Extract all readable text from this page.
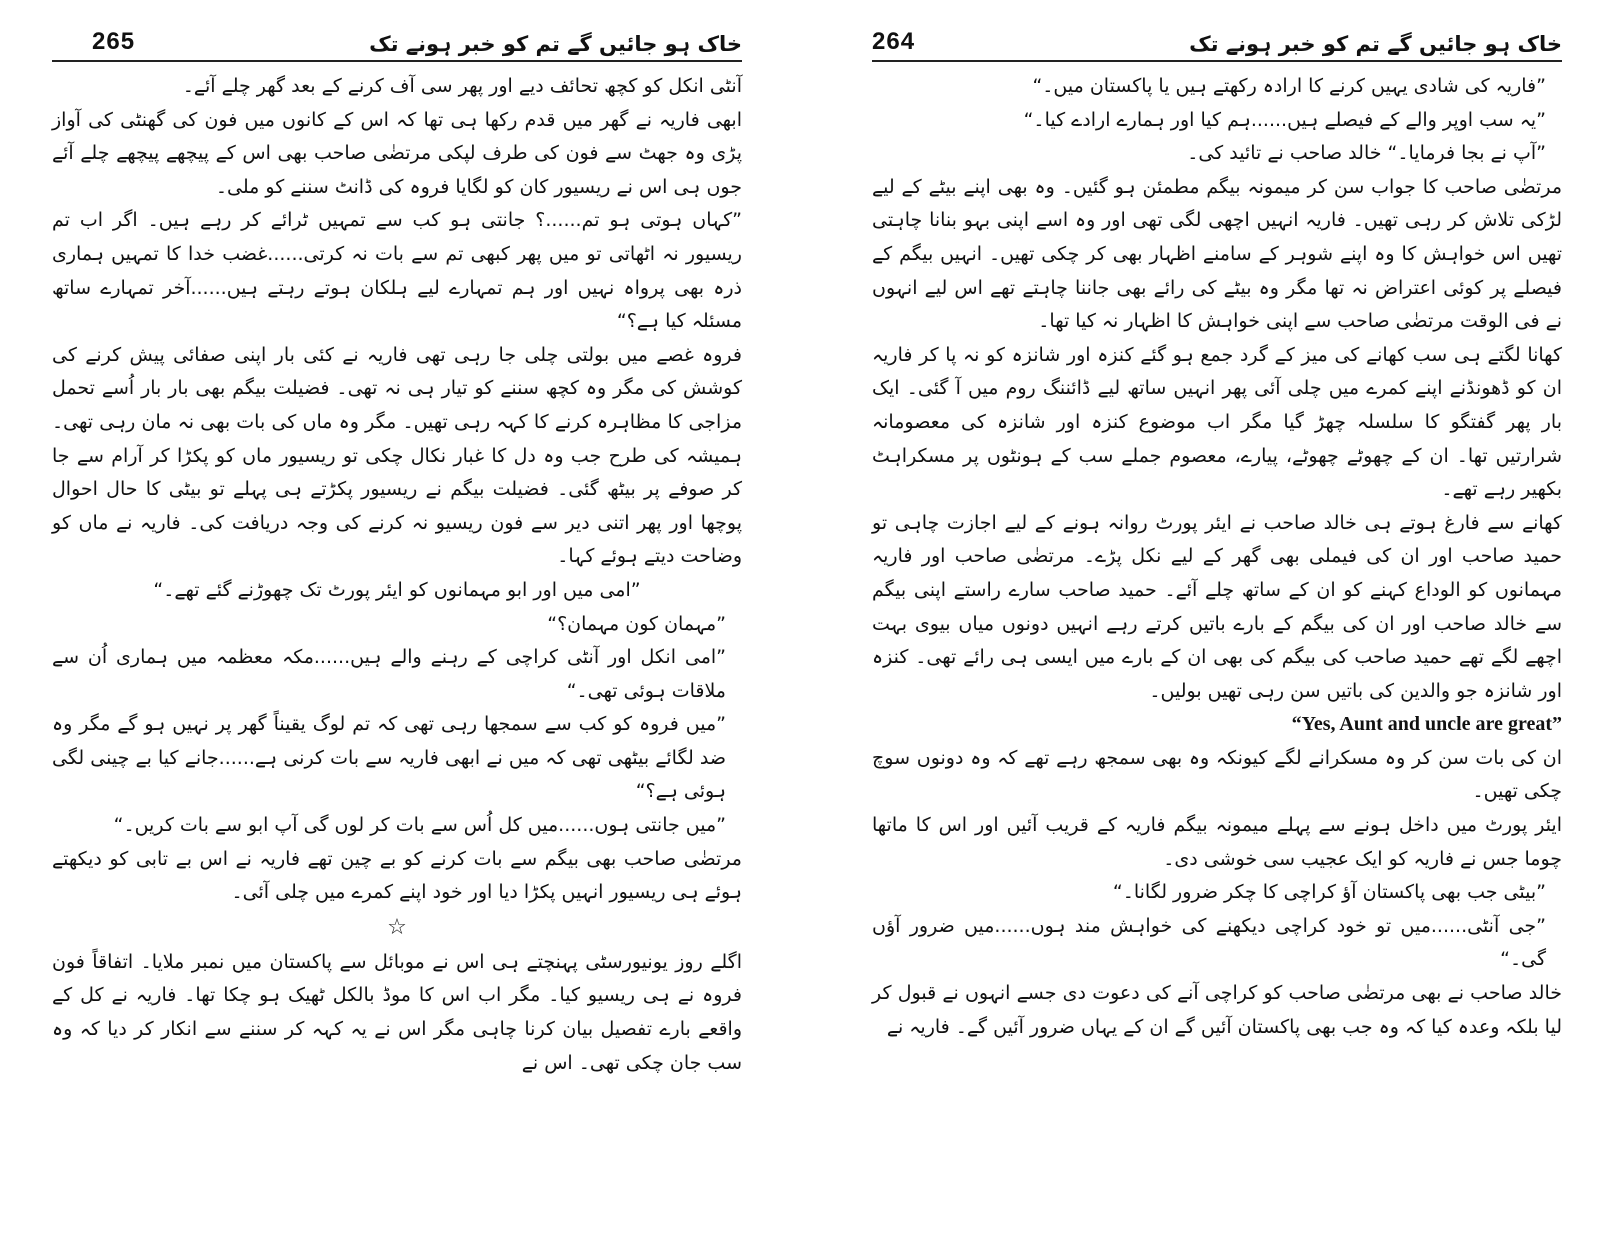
265	خاک ہو جائیں گے تم کو خبر ہونے تک

آنٹی انکل کو کچھ تحائف دیے اور پھر سی آف کرنے کے بعد گھر چلے آئے۔

ابھی فاریہ نے گھر میں قدم رکھا ہی تھا کہ اس کے کانوں میں فون کی گھنٹی کی آواز پڑی وہ جھٹ سے فون کی طرف لپکی مرتضٰی صاحب بھی اس کے پیچھے پیچھے چلے آئے جوں ہی اس نے ریسیور کان کو لگایا فروہ کی ڈانٹ سننے کو ملی۔

”کہاں ہوتی ہو تم......؟ جانتی ہو کب سے تمہیں ٹرائے کر رہے ہیں۔ اگر اب تم ریسیور نہ اٹھاتی تو میں پھر کبھی تم سے بات نہ کرتی......غضب خدا کا تمہیں ہماری ذرہ بھی پرواہ نہیں اور ہم تمہارے لیے ہلکان ہوتے رہتے ہیں......آخر تمہارے ساتھ مسئلہ کیا ہے؟“

فروہ غصے میں بولتی چلی جا رہی تھی فاریہ نے کئی بار اپنی صفائی پیش کرنے کی کوشش کی مگر وہ کچھ سننے کو تیار ہی نہ تھی۔ فضیلت بیگم بھی بار بار اُسے تحمل مزاجی کا مظاہرہ کرنے کا کہہ رہی تھیں۔ مگر وہ ماں کی بات بھی نہ مان رہی تھی۔ ہمیشہ کی طرح جب وہ دل کا غبار نکال چکی تو ریسیور ماں کو پکڑا کر آرام سے جا کر صوفے پر بیٹھ گئی۔ فضیلت بیگم نے ریسیور پکڑتے ہی پہلے تو بیٹی کا حال احوال پوچھا اور پھر اتنی دیر سے فون ریسیو نہ کرنے کی وجہ دریافت کی۔ فاریہ نے ماں کو وضاحت دیتے ہوئے کہا۔

”امی میں اور ابو مہمانوں کو ایئر پورٹ تک چھوڑنے گئے تھے۔“

”مہمان کون مہمان؟“

”امی انکل اور آنٹی کراچی کے رہنے والے ہیں......مکہ معظمہ میں ہماری اُن سے ملاقات ہوئی تھی۔“

”میں فروہ کو کب سے سمجھا رہی تھی کہ تم لوگ یقیناً گھر پر نہیں ہو گے مگر وہ ضد لگائے بیٹھی تھی کہ میں نے ابھی فاریہ سے بات کرنی ہے......جانے کیا بے چینی لگی ہوئی ہے؟“

”میں جانتی ہوں......میں کل اُس سے بات کر لوں گی آپ ابو سے بات کریں۔“

مرتضٰی صاحب بھی بیگم سے بات کرنے کو بے چین تھے فاریہ نے اس بے تابی کو دیکھتے ہوئے ہی ریسیور انہیں پکڑا دیا اور خود اپنے کمرے میں چلی آئی۔

☆

اگلے روز یونیورسٹی پہنچتے ہی اس نے موبائل سے پاکستان میں نمبر ملایا۔ اتفاقاً فون فروہ نے ہی ریسیو کیا۔ مگر اب اس کا موڈ بالکل ٹھیک ہو چکا تھا۔ فاریہ نے کل کے واقعے بارے تفصیل بیان کرنا چاہی مگر اس نے یہ کہہ کر سننے سے انکار کر دیا کہ وہ سب جان چکی تھی۔ اس نے

264	خاک ہو جائیں گے تم کو خبر ہونے تک

”فاریہ کی شادی یہیں کرنے کا ارادہ رکھتے ہیں یا پاکستان میں۔“

”یہ سب اوپر والے کے فیصلے ہیں......ہم کیا اور ہمارے ارادے کیا۔“

”آپ نے بجا فرمایا۔“ خالد صاحب نے تائید کی۔

مرتضٰی صاحب کا جواب سن کر میمونہ بیگم مطمئن ہو گئیں۔ وہ بھی اپنے بیٹے کے لیے لڑکی تلاش کر رہی تھیں۔ فاریہ انہیں اچھی لگی تھی اور وہ اسے اپنی بہو بنانا چاہتی تھیں اس خواہش کا وہ اپنے شوہر کے سامنے اظہار بھی کر چکی تھیں۔ انہیں بیگم کے فیصلے پر کوئی اعتراض نہ تھا مگر وہ بیٹے کی رائے بھی جاننا چاہتے تھے اس لیے انہوں نے فی الوقت مرتضٰی صاحب سے اپنی خواہش کا اظہار نہ کیا تھا۔

کھانا لگتے ہی سب کھانے کی میز کے گرد جمع ہو گئے کنزہ اور شانزہ کو نہ پا کر فاریہ ان کو ڈھونڈنے اپنے کمرے میں چلی آئی پھر انہیں ساتھ لیے ڈائننگ روم میں آ گئی۔ ایک بار پھر گفتگو کا سلسلہ چھڑ گیا مگر اب موضوع کنزہ اور شانزہ کی معصومانہ شرارتیں تھا۔ ان کے چھوٹے چھوٹے، پیارے، معصوم جملے سب کے ہونٹوں پر مسکراہٹ بکھیر رہے تھے۔

کھانے سے فارغ ہوتے ہی خالد صاحب نے ایئر پورٹ روانہ ہونے کے لیے اجازت چاہی تو حمید صاحب اور ان کی فیملی بھی گھر کے لیے نکل پڑے۔ مرتضٰی صاحب اور فاریہ مہمانوں کو الوداع کہنے کو ان کے ساتھ چلے آئے۔ حمید صاحب سارے راستے اپنی بیگم سے خالد صاحب اور ان کی بیگم کے بارے باتیں کرتے رہے انہیں دونوں میاں بیوی بہت اچھے لگے تھے حمید صاحب کی بیگم کی بھی ان کے بارے میں ایسی ہی رائے تھی۔ کنزہ اور شانزہ جو والدین کی باتیں سن رہی تھیں بولیں۔

“Yes, Aunt and uncle are great”

ان کی بات سن کر وہ مسکرانے لگے کیونکہ وہ بھی سمجھ رہے تھے کہ وہ دونوں سوچ چکی تھیں۔

ایئر پورٹ میں داخل ہونے سے پہلے میمونہ بیگم فاریہ کے قریب آئیں اور اس کا ماتھا چوما جس نے فاریہ کو ایک عجیب سی خوشی دی۔

”بیٹی جب بھی پاکستان آؤ کراچی کا چکر ضرور لگانا۔“

”جی آنٹی......میں تو خود کراچی دیکھنے کی خواہش مند ہوں......میں ضرور آؤں گی۔“

خالد صاحب نے بھی مرتضٰی صاحب کو کراچی آنے کی دعوت دی جسے انہوں نے قبول کر لیا بلکہ وعدہ کیا کہ وہ جب بھی پاکستان آئیں گے ان کے یہاں ضرور آئیں گے۔ فاریہ نے
